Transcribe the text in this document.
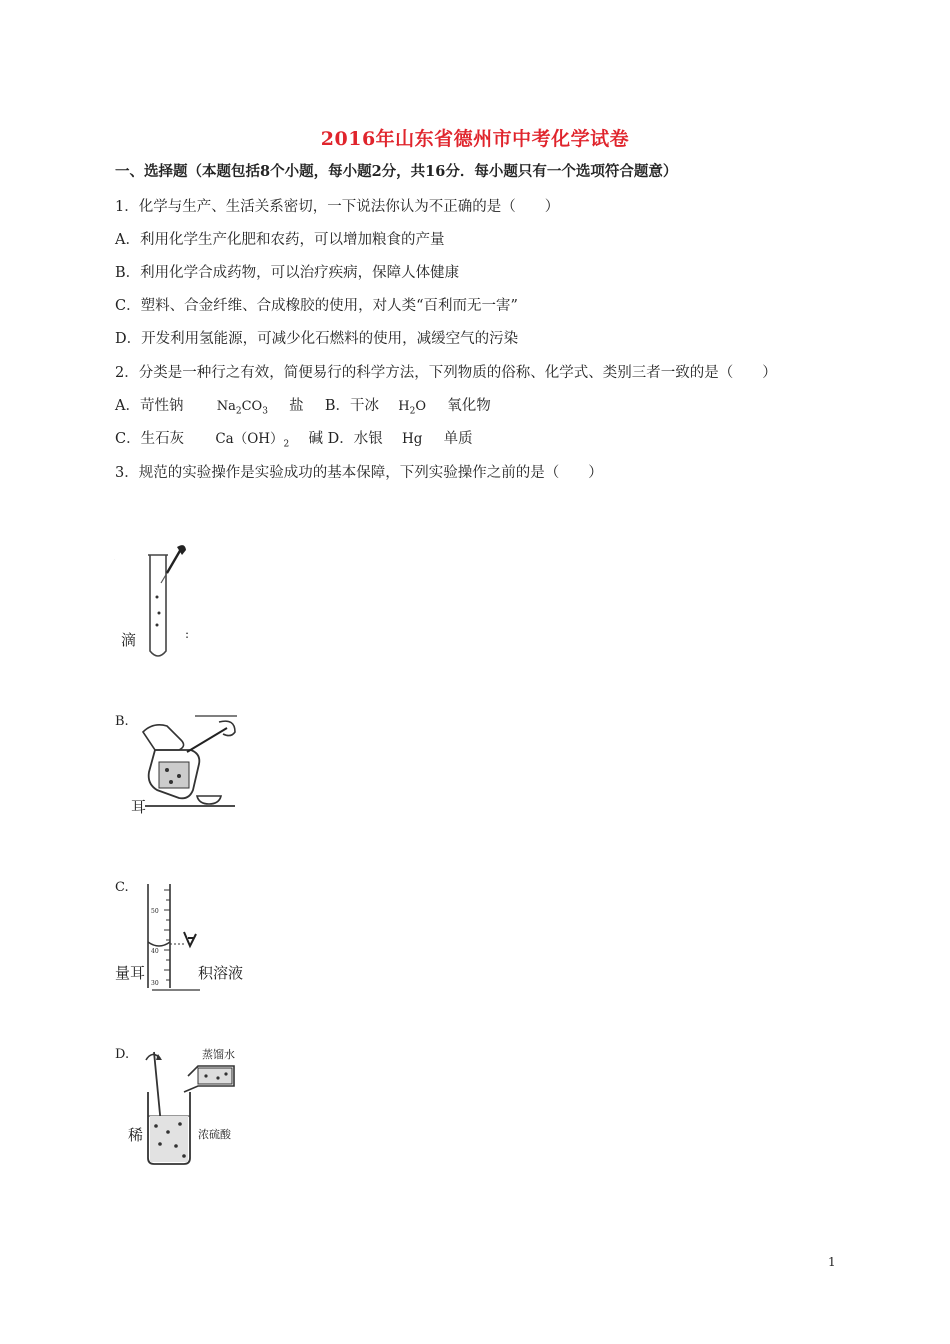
2016年山东省德州市中考化学试卷
一、选择题（本题包括8个小题，每小题2分，共16分．每小题只有一个选项符合题意）
1．化学与生产、生活关系密切，一下说法你认为不正确的是（　　）
A．利用化学生产化肥和农药，可以增加粮食的产量
B．利用化学合成药物，可以治疗疾病，保障人体健康
C．塑料、合金纤维、合成橡胶的使用，对人类“百利而无一害”
D．开发利用氢能源，可减少化石燃料的使用，减缓空气的污染
2．分类是一种行之有效，简便易行的科学方法，下列物质的俗称、化学式、类别三者一致的是（　　）
A．苛性钠	$Na_2CO_3$ 盐 B．干冰 $H_2O$ 氧化物
C．生石灰 $Ca(OH)_2$ 碱 D．水银 Hg 单质
3．规范的实验操作是实验成功的基本保障，下列实验操作之前的是（　　）
滴	:
B.
耳
C.
50
40
30
量耳	积溶液
D.	蒸馏水
浓硫酸
稀
1
